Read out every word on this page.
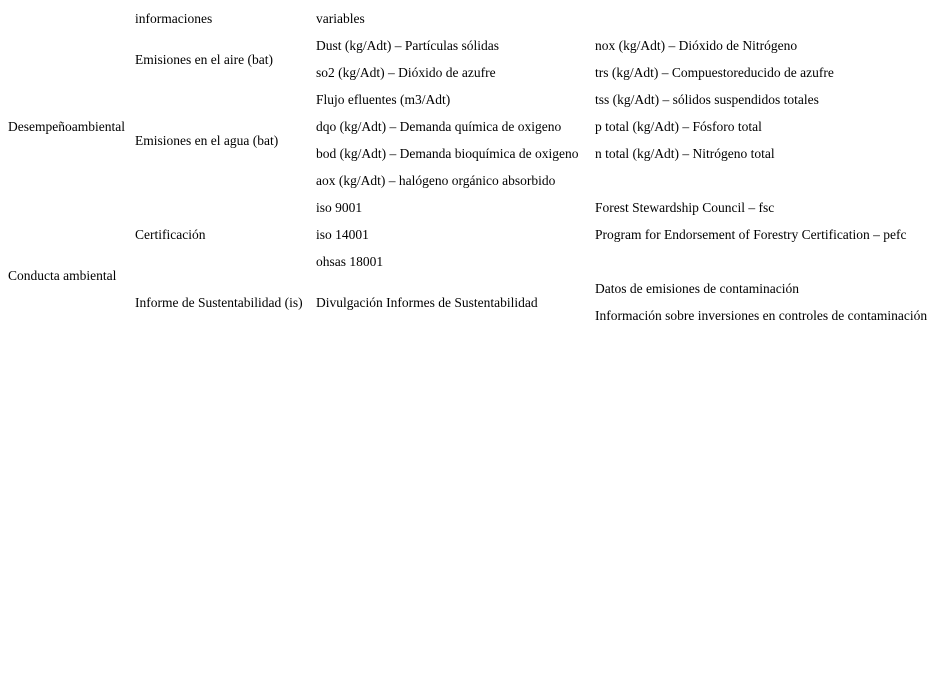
	informaciones	variables	
Desempeñoambiental	Emisiones en el aire (bat)	Dust (kg/Adt) – Partículas sólidas	nox (kg/Adt) – Dióxido de Nitrógeno
		so2 (kg/Adt) – Dióxido de azufre	trs (kg/Adt) – Compuestoreducido de azufre
	Emisiones en el agua (bat)	Flujo efluentes (m3/Adt)	tss (kg/Adt) – sólidos suspendidos totales
		dqo (kg/Adt) – Demanda química de oxigeno	p total (kg/Adt) – Fósforo total
		bod (kg/Adt) – Demanda bioquímica de oxigeno	n total (kg/Adt) – Nitrógeno total
		aox (kg/Adt) – halógeno orgánico absorbido	
	Certificación	iso 9001	Forest Stewardship Council – fsc
Conducta ambiental		iso 14001	Program for Endorsement of Forestry Certification – pefc
		ohsas 18001	
	Informe de Sustentabilidad (is)	Divulgación Informes de Sustentabilidad	Datos de emisiones de contaminación
			Información sobre inversiones en controles de contaminación
